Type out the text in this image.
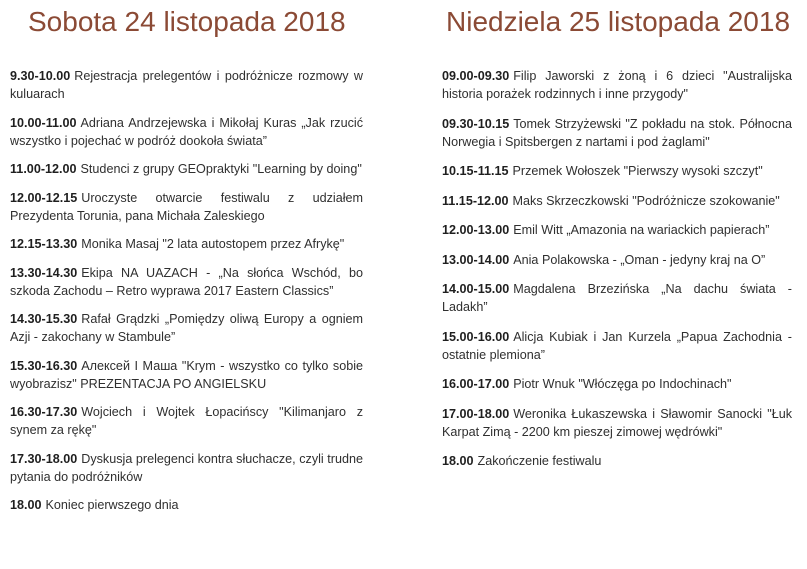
Sobota 24 listopada 2018
9.30-10.00 Rejestracja prelegentów i podróżnicze rozmowy w kuluarach
10.00-11.00 Adriana Andrzejewska i Mikołaj Kuras „Jak rzucić wszystko i pojechać w podróż dookoła świata”
11.00-12.00 Studenci z grupy GEOpraktyki "Learning by doing"
12.00-12.15 Uroczyste otwarcie festiwalu z udziałem Prezydenta Torunia, pana Michała Zaleskiego
12.15-13.30 Monika Masaj "2 lata autostopem przez Afrykę"
13.30-14.30 Ekipa NA UAZACH - „Na słońca Wschód, bo szkoda Zachodu – Retro wyprawa 2017 Eastern Classics”
14.30-15.30 Rafał Grądzki „Pomiędzy oliwą Europy a ogniem Azji - zakochany w Stambule”
15.30-16.30 Алексей I Маша "Krym - wszystko co tylko sobie wyobrazisz" PREZENTACJA PO ANGIELSKU
16.30-17.30 Wojciech i Wojtek Łopacińscy "Kilimanjaro z synem za rękę"
17.30-18.00 Dyskusja prelegenci kontra słuchacze, czyli trudne pytania do podróżników
18.00 Koniec pierwszego dnia
Niedziela 25 listopada 2018
09.00-09.30 Filip Jaworski z żoną i 6 dzieci "Australijska historia porażek rodzinnych i inne przygody"
09.30-10.15 Tomek Strzyżewski "Z pokładu na stok. Północna Norwegia i Spitsbergen z nartami i pod żaglami"
10.15-11.15 Przemek Wołoszek "Pierwszy wysoki szczyt"
11.15-12.00 Maks Skrzeczkowski "Podróżnicze szokowanie"
12.00-13.00 Emil Witt „Amazonia na wariackich papierach”
13.00-14.00 Ania Polakowska - „Oman - jedyny kraj na O”
14.00-15.00 Magdalena Brzezińska „Na dachu świata - Ladakh”
15.00-16.00 Alicja Kubiak i Jan Kurzela „Papua Zachodnia - ostatnie plemiona”
16.00-17.00 Piotr Wnuk "Włóczęga po Indochinach"
17.00-18.00 Weronika Łukaszewska i Sławomir Sanocki "Łuk Karpat Zimą - 2200 km pieszej zimowej wędrówki"
18.00 Zakończenie festiwalu
